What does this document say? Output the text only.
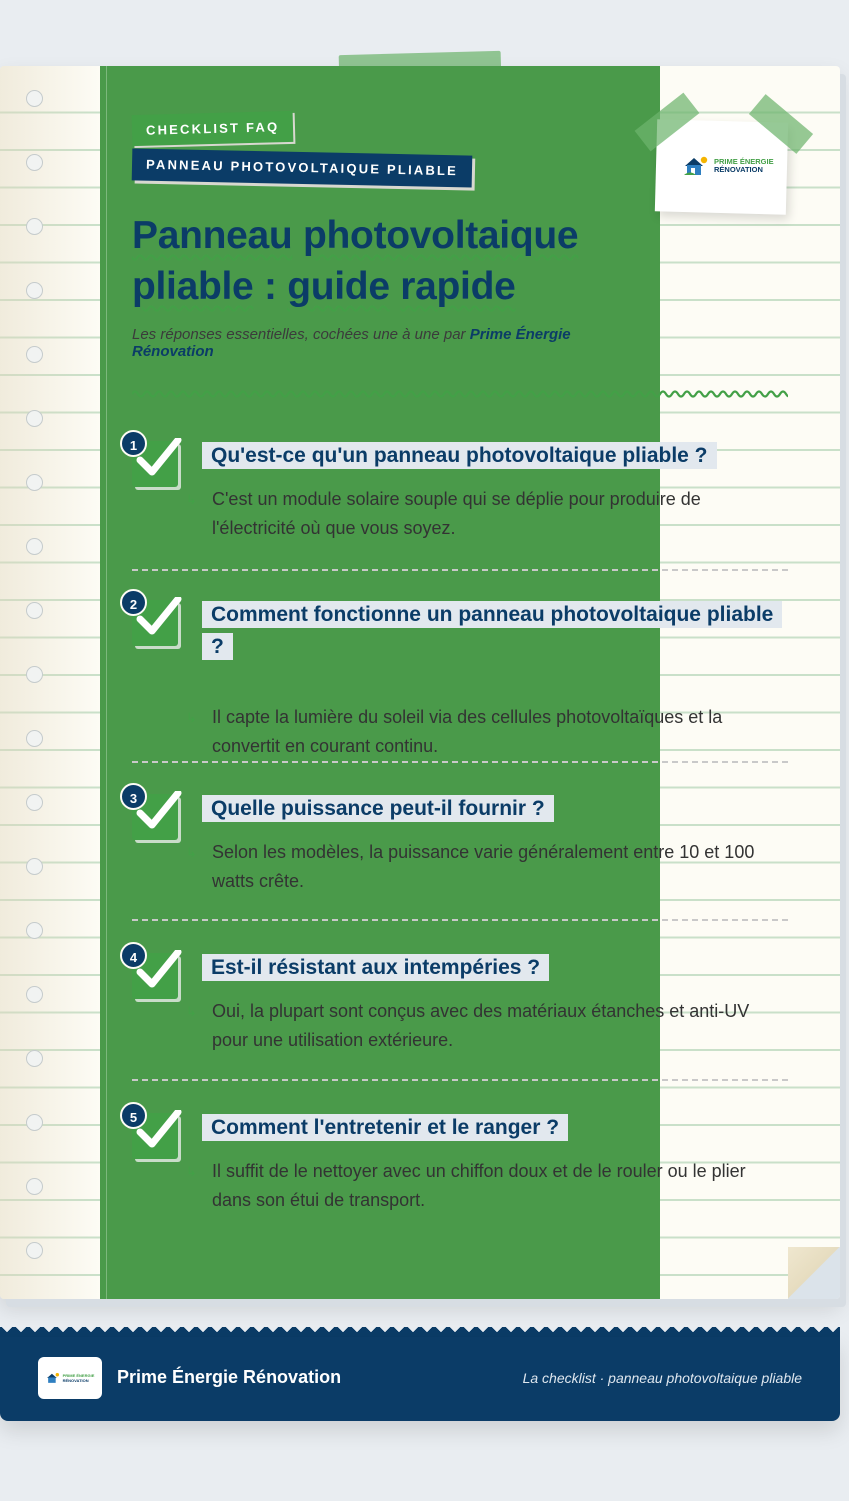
CHECKLIST FAQ
PANNEAU PHOTOVOLTAIQUE PLIABLE	PRIME ÉNERGIE
RÉNOVATION
Panneau photovoltaique
pliable : guide rapide

Les réponses essentielles, cochées une à une par Prime Énergie Rénovation

1	Qu'est-ce qu'un panneau photovoltaique pliable ?
↳ C'est un module solaire souple qui se déplie pour produire de l'électricité où que vous soyez.
2	Comment fonctionne un panneau photovoltaique pliable ?
↳ Il capte la lumière du soleil via des cellules photovoltaïques et la convertit en courant continu.
3	Quelle puissance peut-il fournir ?
↳ Selon les modèles, la puissance varie généralement entre 10 et 100 watts crête.
4	Est-il résistant aux intempéries ?
↳ Oui, la plupart sont conçus avec des matériaux étanches et anti-UV pour une utilisation extérieure.
5	Comment l'entretenir et le ranger ?
↳ Il suffit de le nettoyer avec un chiffon doux et de le rouler ou le plier dans son étui de transport.
PRIME ÉNERGIE
RÉNOVATION	Prime Énergie Rénovation	La checklist · panneau photovoltaique pliable
